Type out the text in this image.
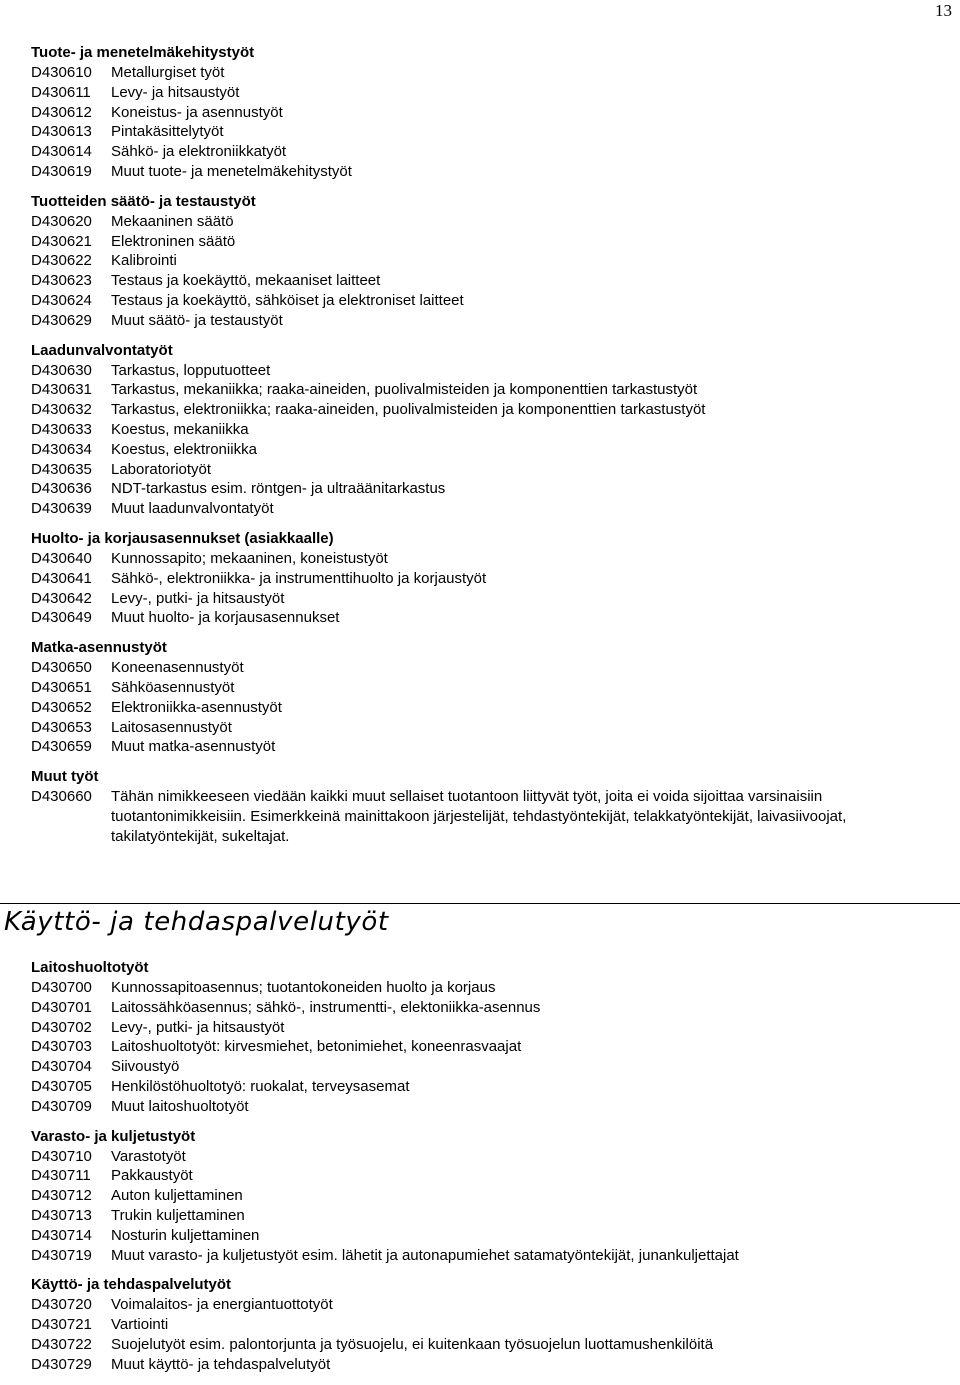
13
Tuote- ja menetelmäkehitystyöt
D430610	Metallurgiset työt
D430611	Levy- ja hitsaustyöt
D430612	Koneistus- ja asennustyöt
D430613	Pintakäsittelytyöt
D430614	Sähkö- ja elektroniikkatyöt
D430619	Muut tuote- ja menetelmäkehitystyöt
Tuotteiden säätö- ja testaustyöt
D430620	Mekaaninen säätö
D430621	Elektroninen säätö
D430622	Kalibrointi
D430623	Testaus ja koekäyttö, mekaaniset laitteet
D430624	Testaus ja koekäyttö, sähköiset ja elektroniset laitteet
D430629	Muut säätö- ja testaustyöt
Laadunvalvontatyöt
D430630	Tarkastus, lopputuotteet
D430631	Tarkastus, mekaniikka; raaka-aineiden, puolivalmisteiden ja komponenttien tarkastustyöt
D430632	Tarkastus, elektroniikka; raaka-aineiden, puolivalmisteiden ja komponenttien tarkastustyöt
D430633	Koestus, mekaniikka
D430634	Koestus, elektroniikka
D430635	Laboratoriotyöt
D430636	NDT-tarkastus esim. röntgen- ja ultraäänitarkastus
D430639	Muut laadunvalvontatyöt
Huolto- ja korjausasennukset (asiakkaalle)
D430640	Kunnossapito; mekaaninen, koneistustyöt
D430641	Sähkö-, elektroniikka- ja instrumenttihuolto ja korjaustyöt
D430642	Levy-, putki- ja hitsaustyöt
D430649	Muut huolto- ja korjausasennukset
Matka-asennustyöt
D430650	Koneenasennustyöt
D430651	Sähköasennustyöt
D430652	Elektroniikka-asennustyöt
D430653	Laitosasennustyöt
D430659	Muut matka-asennustyöt
Muut työt
D430660	Tähän nimikkeeseen viedään kaikki muut sellaiset tuotantoon liittyvät työt, joita ei voida sijoittaa varsinaisiin tuotantonimikkeisiin. Esimerkkeinä mainittakoon järjestelijät, tehdastyöntekijät, telakkatyöntekijät, laivasiivoojat, takilatyöntekijät, sukeltajat.
Käyttö- ja tehdaspalvelutyöt
Laitoshuoltotyöt
D430700	Kunnossapitoasennus; tuotantokoneiden huolto ja korjaus
D430701	Laitossähköasennus; sähkö-, instrumentti-, elektoniikka-asennus
D430702	Levy-, putki- ja hitsaustyöt
D430703	Laitoshuoltotyöt: kirvesmiehet, betonimiehet, koneenrasvaajat
D430704	Siivoustyö
D430705	Henkilöstöhuoltotyö: ruokalat, terveysasemat
D430709	Muut laitoshuoltotyöt
Varasto- ja kuljetustyöt
D430710	Varastotyöt
D430711	Pakkaustyöt
D430712	Auton kuljettaminen
D430713	Trukin kuljettaminen
D430714	Nosturin kuljettaminen
D430719	Muut varasto- ja kuljetustyöt esim. lähetit ja autonapumiehet satamatyöntekijät, junankuljettajat
Käyttö- ja tehdaspalvelutyöt
D430720	Voimalaitos- ja energiantuottotyöt
D430721	Vartiointi
D430722	Suojelutyöt esim. palontorjunta ja työsuojelu, ei kuitenkaan työsuojelun luottamushenkilöitä
D430729	Muut käyttö- ja tehdaspalvelutyöt
